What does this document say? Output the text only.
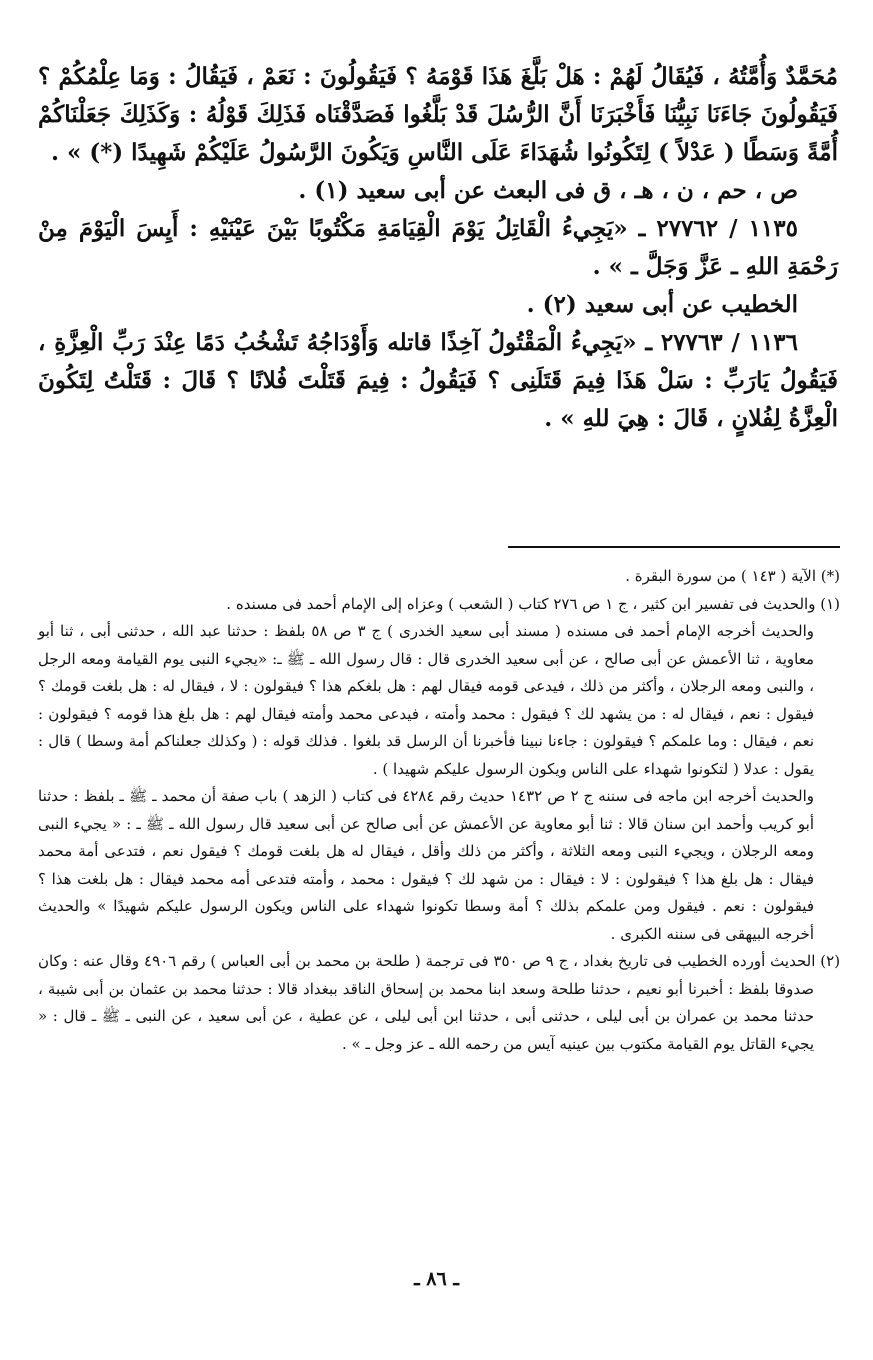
مُحَمَّدٌ وَأُمَّتُهُ ، فَيُقَالُ لَهُمْ : هَلْ بَلَّغَ هَذَا قَوْمَهُ ؟ فَيَقُولُونَ : نَعَمْ ، فَيَقُالُ : وَمَا عِلْمُكُمْ ؟ فَيَقُولُونَ جَاءَنَا نَبِيُّنَا فَأَخْبَرَنَا أَنَّ الرُّسُلَ قَدْ بَلَّغُوا فَصَدَّقْنَاه فَذَلِكَ قَوْلُهُ : وَكَذَلِكَ جَعَلْنَاكُمْ أُمَّةً وَسَطًا ( عَدْلاً ) لِتَكُونُوا شُهَدَاءَ عَلَى النَّاسِ وَيَكُونَ الرَّسُولُ عَلَيْكُمْ شَهِيدًا (*) » .

ص ، حم ، ن ، هـ ، ق فى البعث عن أبى سعيد (١) .

١١٣٥ / ٢٧٧٦٢ ـ «يَجِيءُ الْقَاتِلُ يَوْمَ الْقِيَامَةِ مَكْتُوبًا بَيْنَ عَيْنَيْهِ : أَيِسَ الْيَوْمَ مِنْ رَحْمَةِ اللهِ ـ عَزَّ وَجَلَّ ـ » .

الخطيب عن أبى سعيد (٢) .

١١٣٦ / ٢٧٧٦٣ ـ «يَجِيءُ الْمَقْتُولُ آخِذًا قاتله وَأَوْدَاجُهُ تَشْخُبُ دَمًا عِنْدَ رَبِّ الْعِزَّةِ ، فَيَقُولُ يَارَبِّ : سَلْ هَذَا فِيمَ قَتَلَنِى ؟ فَيَقُولُ : فِيمَ قَتَلْتَ فُلانًا ؟ قَالَ : قَتَلْتُ لِتَكُونَ الْعِزَّةُ لِفُلانٍ ، قَالَ : هِيَ للهِ » .

(*) الآية ( ١٤٣ ) من سورة البقرة .

(١) والحديث فى تفسير ابن كثير ، ج ١ ص ٢٧٦ كتاب ( الشعب ) وعزاه إلى الإمام أحمد فى مسنده .

والحديث أخرجه الإمام أحمد فى مسنده ( مسند أبى سعيد الخدرى ) ج ٣ ص ٥٨ بلفظ : حدثنا عبد الله ، حدثنى أبى ، ثنا أبو معاوية ، ثنا الأعمش عن أبى صالح ، عن أبى سعيد الخدرى قال : قال رسول الله ـ ﷺ ـ: «يجيء النبى يوم القيامة ومعه الرجل ، والنبى ومعه الرجلان ، وأكثر من ذلك ، فيدعى قومه فيقال لهم : هل بلغكم هذا ؟ فيقولون : لا ، فيقال له : هل بلغت قومك ؟ فيقول : نعم ، فيقال له : من يشهد لك ؟ فيقول : محمد وأمته ، فيدعى محمد وأمته فيقال لهم : هل بلغ هذا قومه ؟ فيقولون : نعم ، فيقال : وما علمكم ؟ فيقولون : جاءنا نبينا فأخبرنا أن الرسل قد بلغوا . فذلك قوله : ( وكذلك جعلناكم أمة وسطا ) قال : يقول : عدلا ( لتكونوا شهداء على الناس ويكون الرسول عليكم شهيدا ) .

والحديث أخرجه ابن ماجه فى سننه ج ٢ ص ١٤٣٢ حديث رقم ٤٢٨٤ فى كتاب ( الزهد ) باب صفة أن محمد ـ ﷺ ـ بلفظ : حدثنا أبو كريب وأحمد ابن سنان قالا : ثنا أبو معاوية عن الأعمش عن أبى صالح عن أبى سعيد قال رسول الله ـ ﷺ ـ : « يجيء النبى ومعه الرجلان ، ويجيء النبى ومعه الثلاثة ، وأكثر من ذلك وأقل ، فيقال له هل بلغت قومك ؟ فيقول نعم ، فتدعى أمة محمد فيقال : هل بلغ هذا ؟ فيقولون : لا : فيقال : من شهد لك ؟ فيقول : محمد ، وأمته فتدعى أمه محمد فيقال : هل بلغت هذا ؟ فيقولون : نعم . فيقول ومن علمكم بذلك ؟ أمة وسطا تكونوا شهداء على الناس ويكون الرسول عليكم شهيدًا » والحديث أخرجه البيهقى فى سننه الكبرى .

(٢) الحديث أورده الخطيب فى تاريخ بغداد ، ج ٩ ص ٣٥٠ فى ترجمة ( طلحة بن محمد بن أبى العباس ) رقم ٤٩٠٦ وقال عنه : وكان صدوقا بلفظ : أخبرنا أبو نعيم ، حدثنا طلحة وسعد ابنا محمد بن إسحاق الناقد ببغداد قالا : حدثنا محمد بن عثمان بن أبى شيبة ، حدثنا محمد بن عمران بن أبى ليلى ، حدثنى أبى ، حدثنا ابن أبى ليلى ، عن عطية ، عن أبى سعيد ، عن النبى ـ ﷺ ـ قال : « يجيء القاتل يوم القيامة مكتوب بين عينيه آيس من رحمه الله ـ عز وجل ـ » .

ـ ٨٦ ـ
